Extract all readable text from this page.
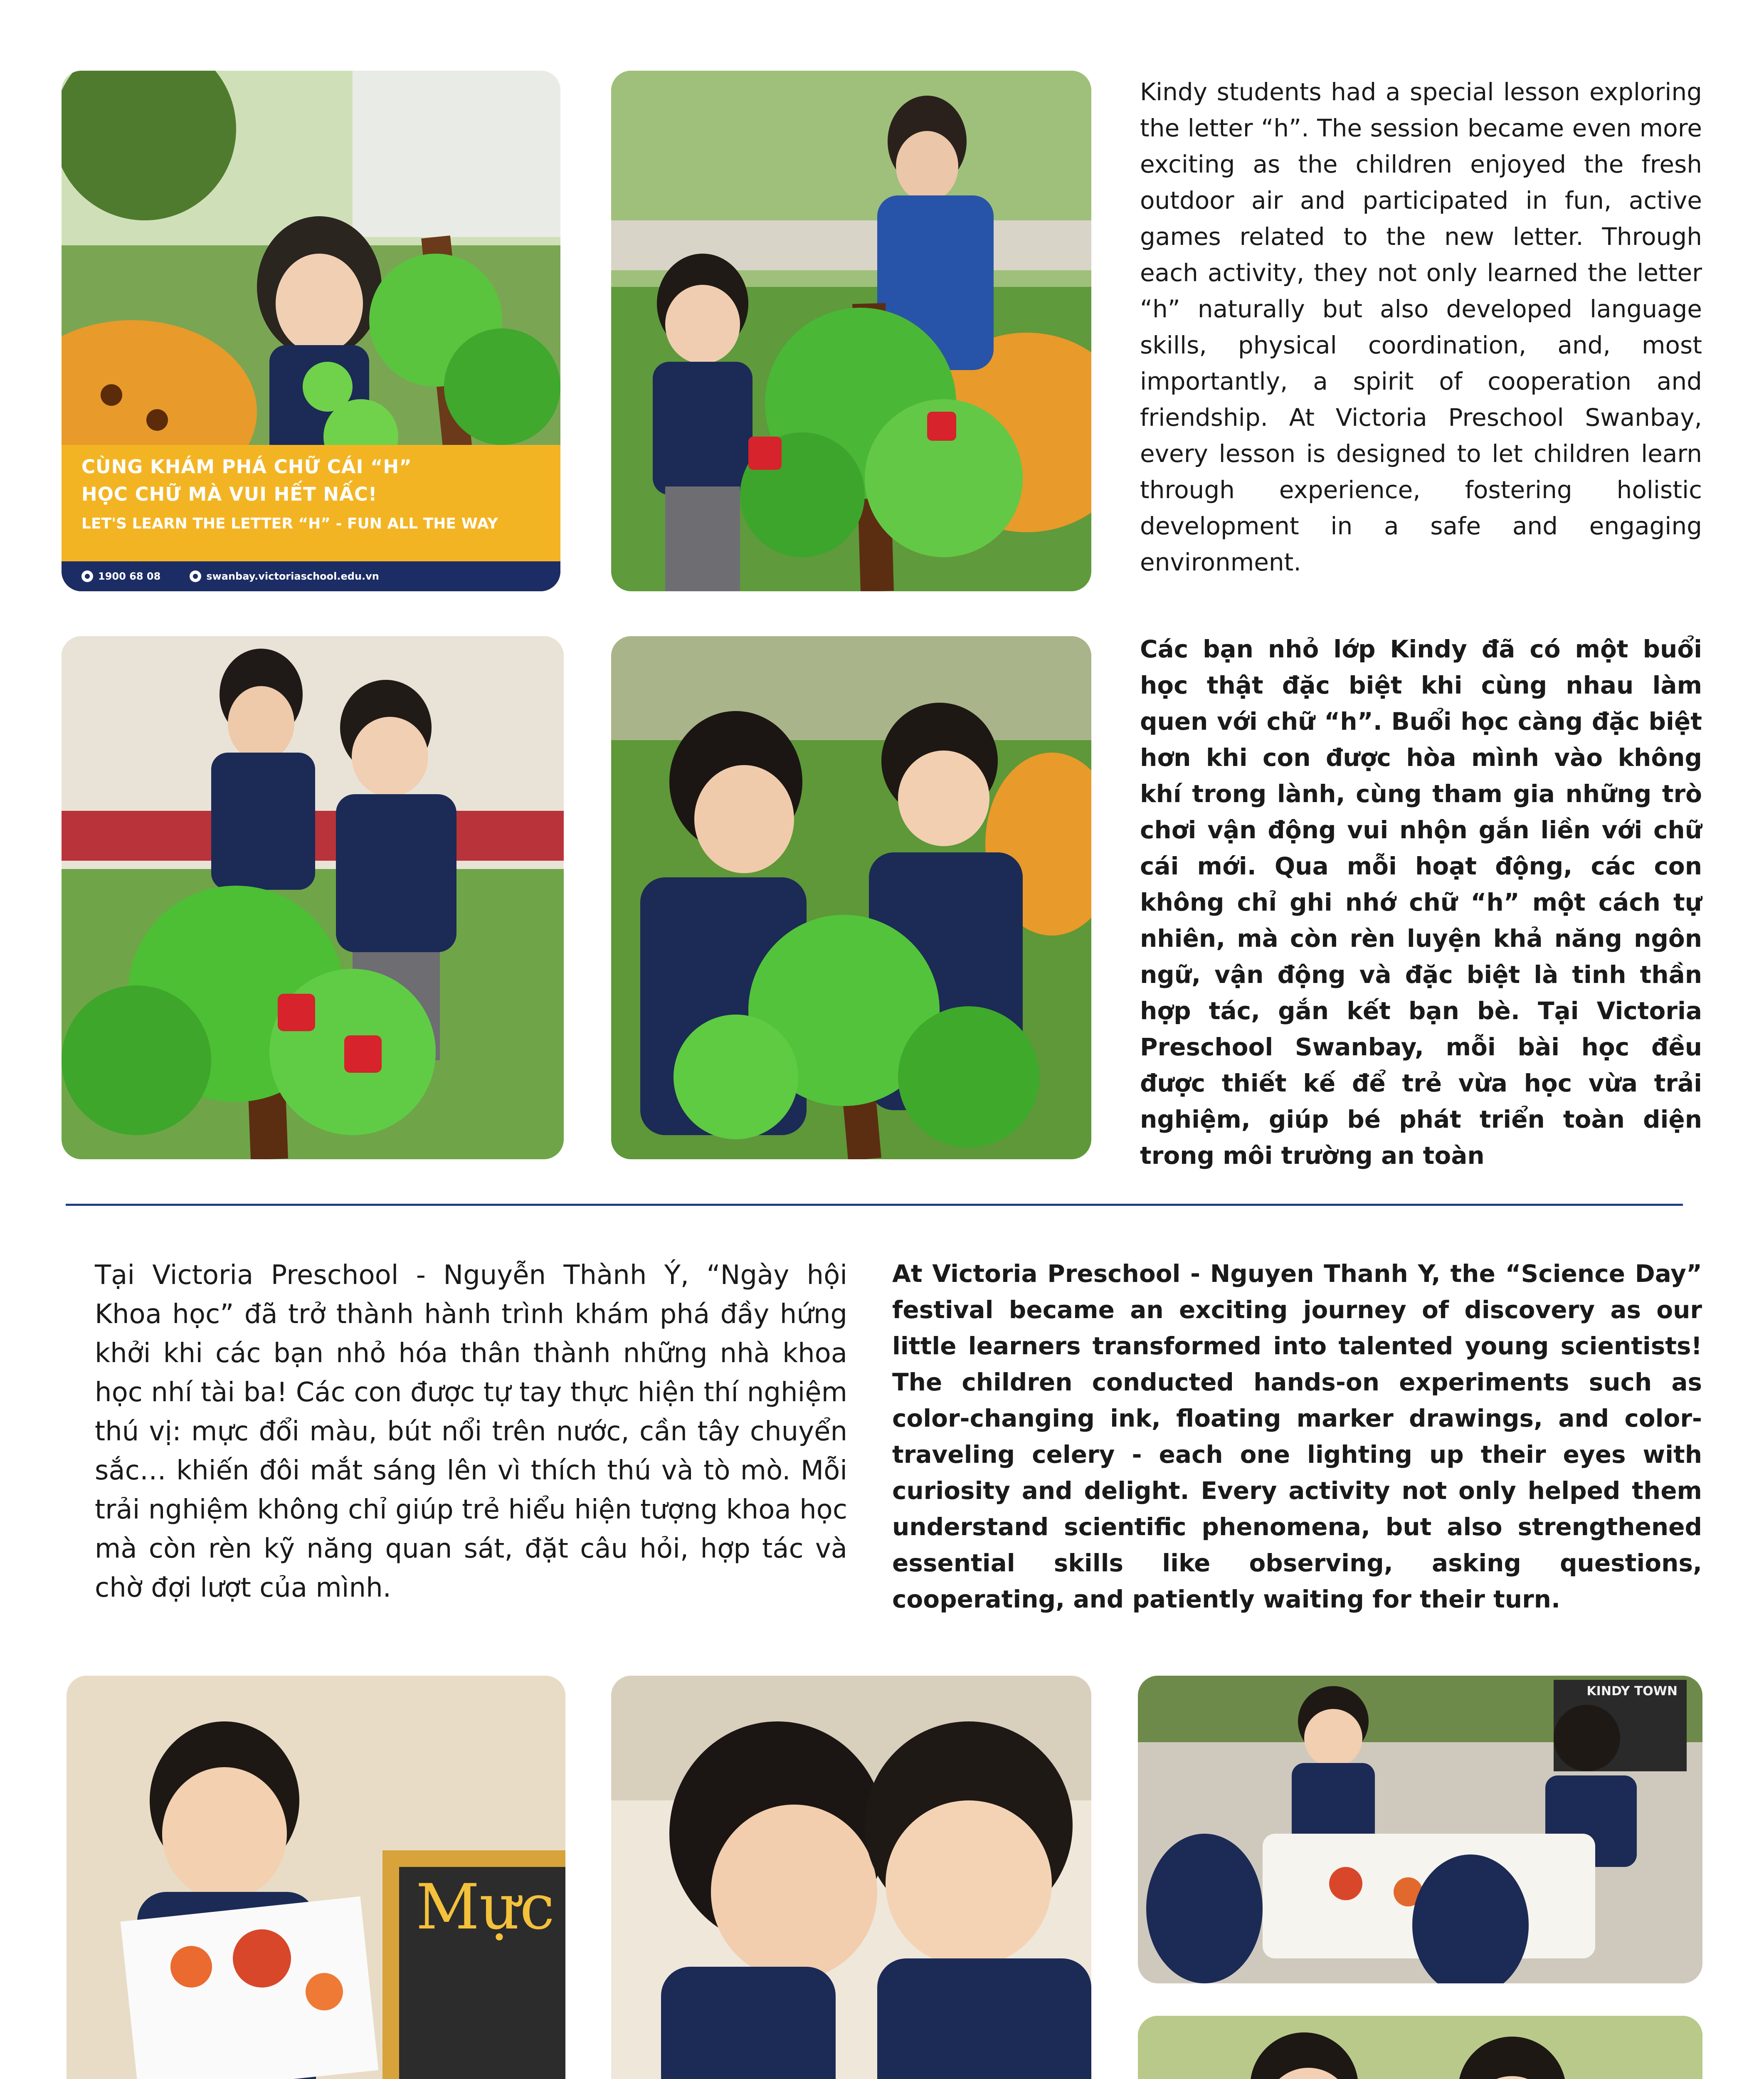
CÙNG KHÁM PHÁ CHỮ CÁI “H”
HỌC CHỮ MÀ VUI HẾT NẤC!
LET'S LEARN THE LETTER “H” - FUN ALL THE WAY
1900 68 08	swanbay.victoriaschool.edu.vn
Kindy students had a special lesson exploring the letter “h”. The session became even more exciting as the children enjoyed the fresh outdoor air and participated in fun, active games related to the new letter. Through each activity, they not only learned the letter “h” naturally but also developed language skills, physical coordination, and, most importantly, a spirit of cooperation and friendship. At Victoria Preschool Swanbay, every lesson is designed to let children learn through experience, fostering holistic development in a safe and engaging environment.
Các bạn nhỏ lớp Kindy đã có một buổi học thật đặc biệt khi cùng nhau làm quen với chữ “h”. Buổi học càng đặc biệt hơn khi con được hòa mình vào không khí trong lành, cùng tham gia những trò chơi vận động vui nhộn gắn liền với chữ cái mới. Qua mỗi hoạt động, các con không chỉ ghi nhớ chữ “h” một cách tự nhiên, mà còn rèn luyện khả năng ngôn ngữ, vận động và đặc biệt là tinh thần hợp tác, gắn kết bạn bè. Tại Victoria Preschool Swanbay, mỗi bài học đều được thiết kế để trẻ vừa học vừa trải nghiệm, giúp bé phát triển toàn diện trong môi trường an toàn
Tại Victoria Preschool - Nguyễn Thành Ý, “Ngày hội Khoa học” đã trở thành hành trình khám phá đầy hứng khởi khi các bạn nhỏ hóa thân thành những nhà khoa học nhí tài ba! Các con được tự tay thực hiện thí nghiệm thú vị: mực đổi màu, bút nổi trên nước, cần tây chuyển sắc… khiến đôi mắt sáng lên vì thích thú và tò mò. Mỗi trải nghiệm không chỉ giúp trẻ hiểu hiện tượng khoa học mà còn rèn kỹ năng quan sát, đặt câu hỏi, hợp tác và chờ đợi lượt của mình.
At Victoria Preschool - Nguyen Thanh Y, the “Science Day” festival became an exciting journey of discovery as our little learners transformed into talented young scientists! The children conducted hands-on experiments such as color-changing ink, floating marker drawings, and color-traveling celery - each one lighting up their eyes with curiosity and delight. Every activity not only helped them understand scientific phenomena, but also strengthened essential skills like observing, asking questions, cooperating, and patiently waiting for their turn.
Mực
KINDY TOWN
